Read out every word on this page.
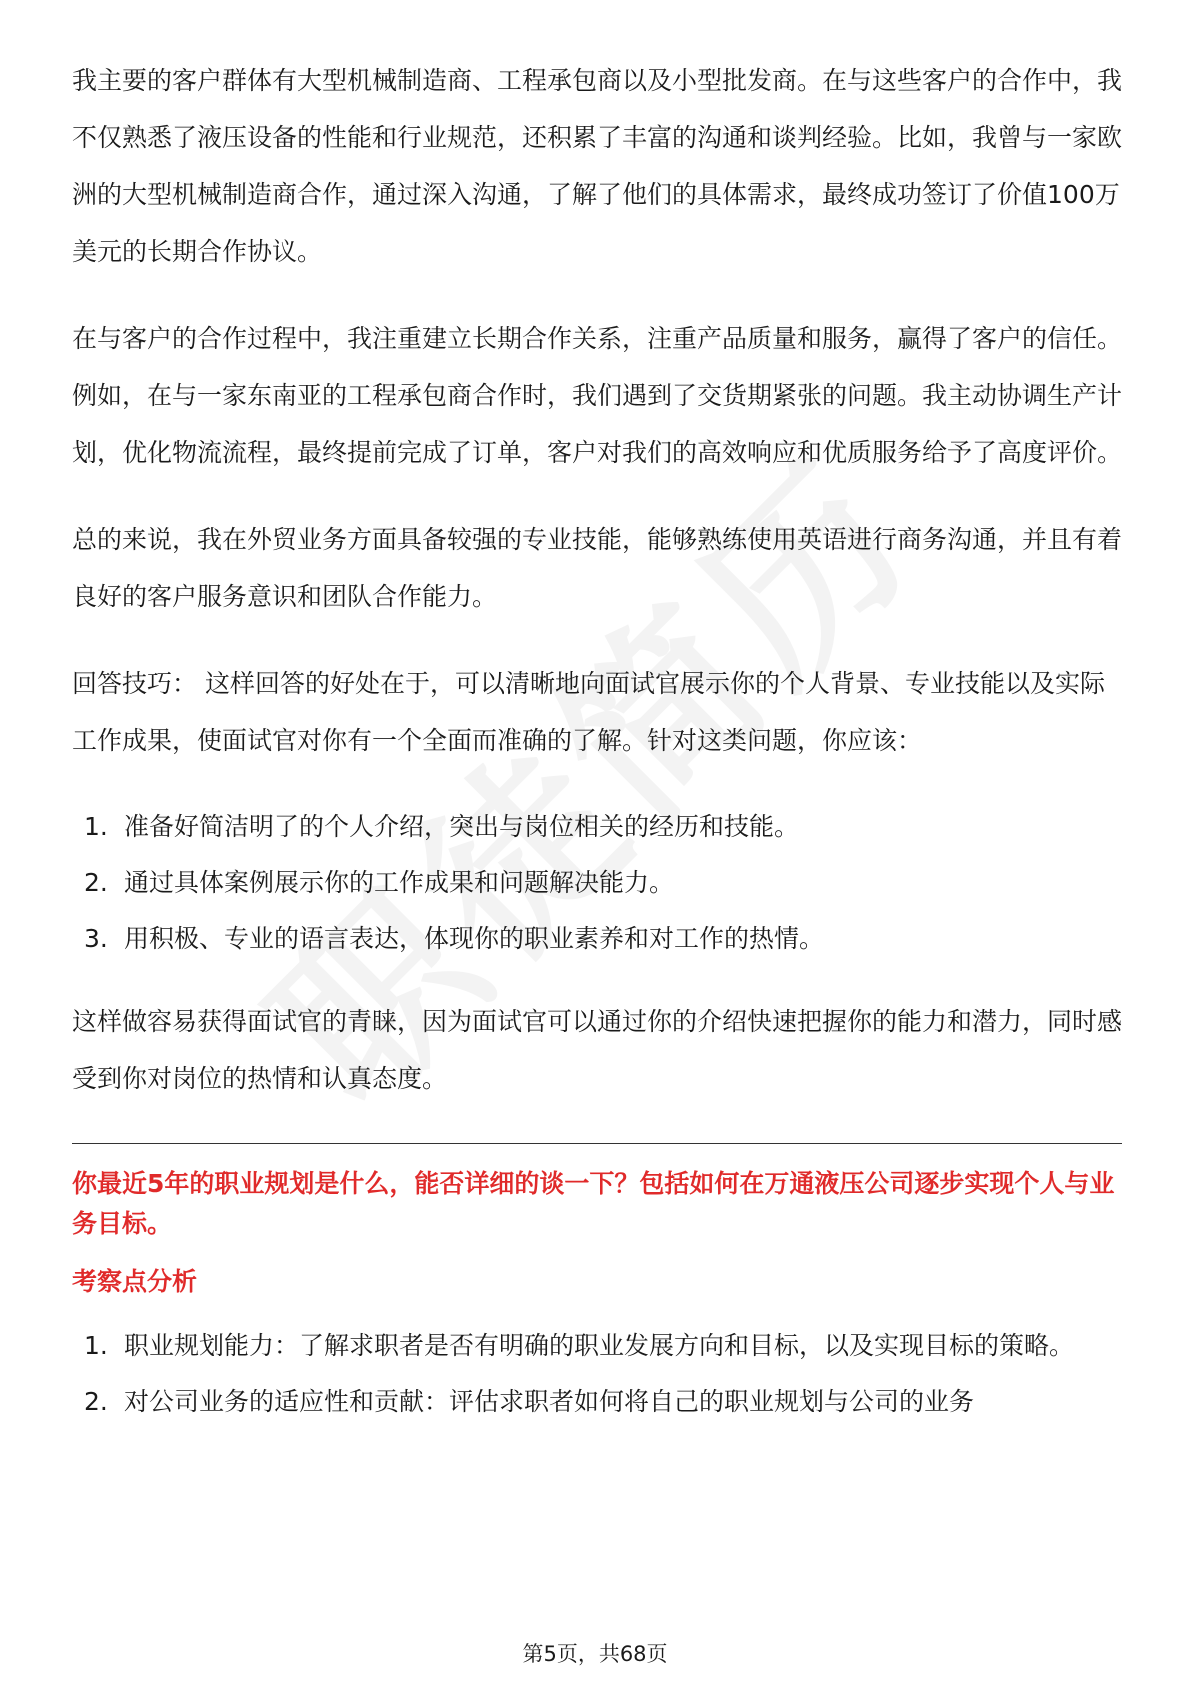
我主要的客户群体有大型机械制造商、工程承包商以及小型批发商。在与这些客户的合作中，我不仅熟悉了液压设备的性能和行业规范，还积累了丰富的沟通和谈判经验。比如，我曾与一家欧洲的大型机械制造商合作，通过深入沟通，了解了他们的具体需求，最终成功签订了价值100万美元的长期合作协议。

在与客户的合作过程中，我注重建立长期合作关系，注重产品质量和服务，赢得了客户的信任。例如，在与一家东南亚的工程承包商合作时，我们遇到了交货期紧张的问题。我主动协调生产计划，优化物流流程，最终提前完成了订单，客户对我们的高效响应和优质服务给予了高度评价。

总的来说，我在外贸业务方面具备较强的专业技能，能够熟练使用英语进行商务沟通，并且有着良好的客户服务意识和团队合作能力。

回答技巧： 这样回答的好处在于，可以清晰地向面试官展示你的个人背景、专业技能以及实际工作成果，使面试官对你有一个全面而准确的了解。针对这类问题，你应该：

1. 准备好简洁明了的个人介绍，突出与岗位相关的经历和技能。
2. 通过具体案例展示你的工作成果和问题解决能力。
3. 用积极、专业的语言表达，体现你的职业素养和对工作的热情。

这样做容易获得面试官的青睐，因为面试官可以通过你的介绍快速把握你的能力和潜力，同时感受到你对岗位的热情和认真态度。

你最近5年的职业规划是什么，能否详细的谈一下？包括如何在万通液压公司逐步实现个人与业务目标。
考察点分析
1. 职业规划能力：了解求职者是否有明确的职业发展方向和目标，以及实现目标的策略。
2. 对公司业务的适应性和贡献：评估求职者如何将自己的职业规划与公司的业务
第5页，共68页
